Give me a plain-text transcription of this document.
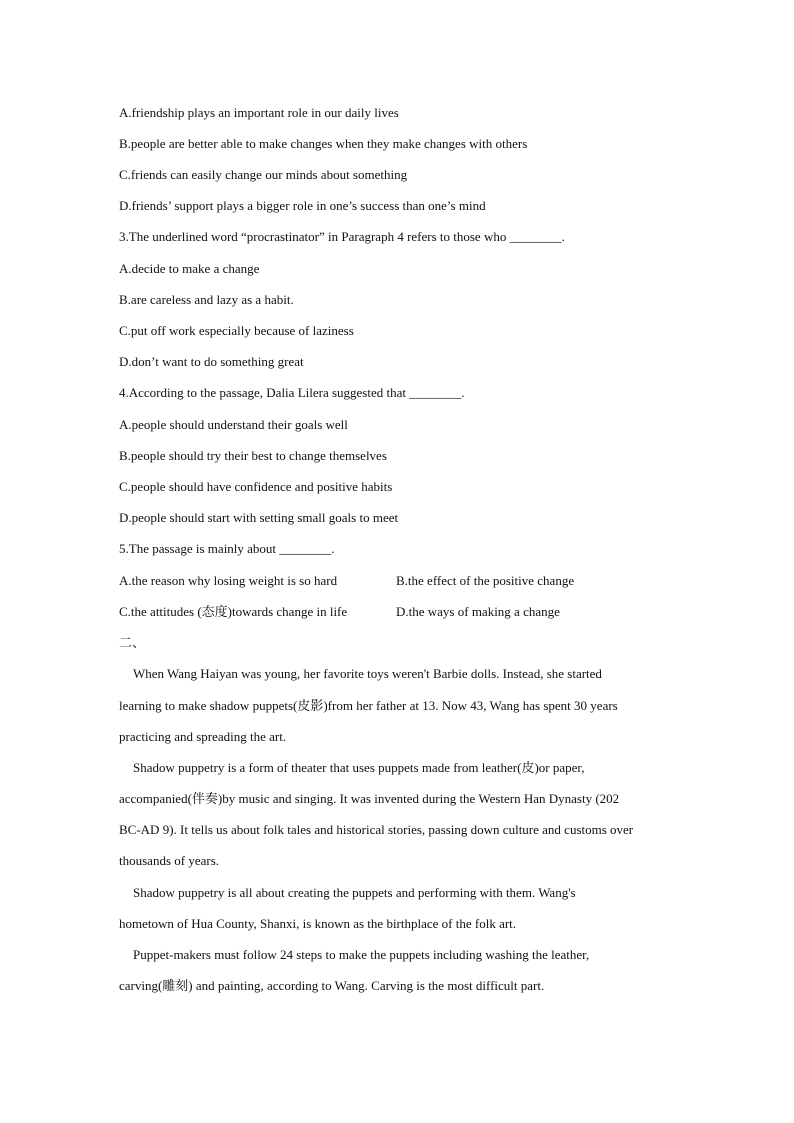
A.friendship plays an important role in our daily lives
B.people are better able to make changes when they make changes with others
C.friends can easily change our minds about something
D.friends’ support plays a bigger role in one’s success than one’s mind
3.The underlined word “procrastinator” in Paragraph 4 refers to those who ________.
A.decide to make a change
B.are careless and lazy as a habit.
C.put off work especially because of laziness
D.don’t want to do something great
4.According to the passage, Dalia Lilera suggested that ________.
A.people should understand their goals well
B.people should try their best to change themselves
C.people should have confidence and positive habits
D.people should start with setting small goals to meet
5.The passage is mainly about ________.
A.the reason why losing weight is so hard	B.the effect of the positive change
C.the attitudes (态度)towards change in life	D.the ways of making a change
二、
When Wang Haiyan was young, her favorite toys weren't Barbie dolls. Instead, she started
learning to make shadow puppets(皮影)from her father at 13. Now 43, Wang has spent 30 years
practicing and spreading the art.
Shadow puppetry is a form of theater that uses puppets made from leather(皮)or paper,
accompanied(伴奏)by music and singing. It was invented during the Western Han Dynasty (202
BC-AD 9). It tells us about folk tales and historical stories, passing down culture and customs over
thousands of years.
Shadow puppetry is all about creating the puppets and performing with them. Wang's
hometown of Hua County, Shanxi, is known as the birthplace of the folk art.
Puppet-makers must follow 24 steps to make the puppets including washing the leather,
carving(雕刻) and painting, according to Wang. Carving is the most difficult part.
